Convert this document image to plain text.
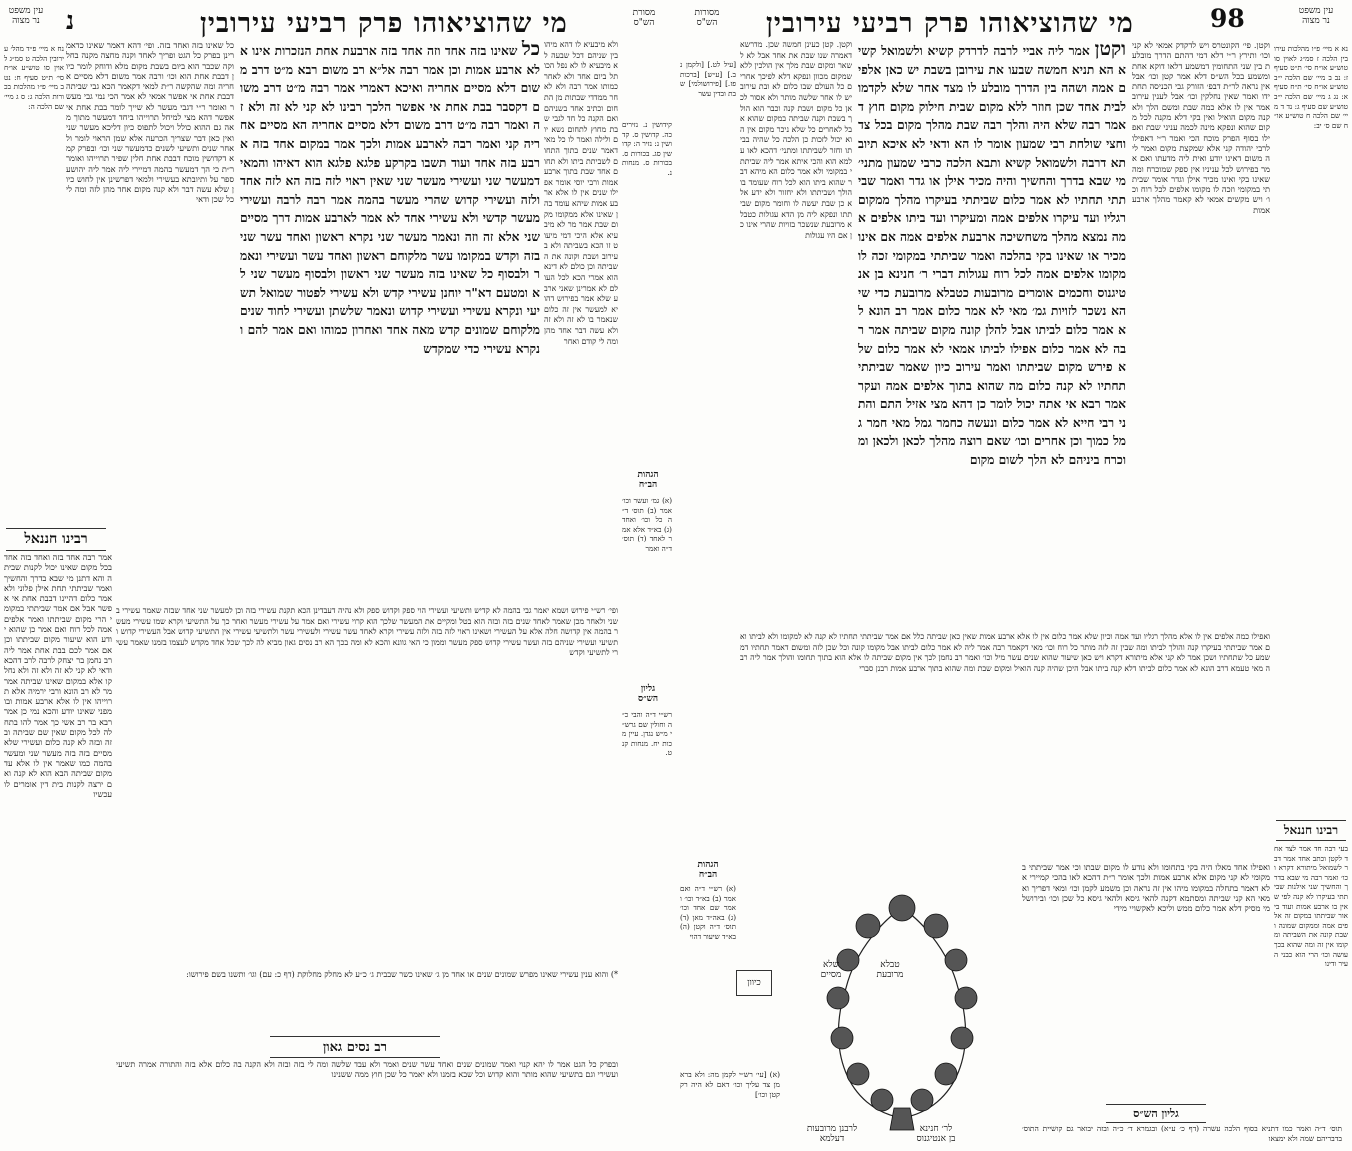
עין משפט
נר מצוה	נ	מי שהוציאוהו פרק רביעי עירובין	מסורת
הש"ס
נח א מיי׳ פ״ד מהל׳ עירובין הלכה ט סמ״ג לאוין סו טוש״ע או״ח סי׳ ת״ט סעיף ח: נט ב מיי׳ פ״ו מהלכות בכורות הלכה ג: ס ג מיי׳ שם הלכה ה:
כל שאינו בזה ואחד בזה. ופי׳ דהא דאמר שאינו כדאמרינן בפרק כל הגט ופריך לאחד וקנה מחצה מקנה בחלוקה שכבר הוא ביום בשבת מקום מלא ודוחק לומר כיון דבבת אחת הוא וכו׳ ורבה אמר משום דלא מסיים אחריה ומה שהקשה ר״ת למאי דקאמר הכא גבי שביתה דבבת אחת אי אפשר אמאי לא אמר הכי נמי גבי מעשר ואומר ר״י דגבי מעשר לא שייך לומר בבת אחת אי אפשר דהא מצי למיחל תרוייהו ביחד דמעשר מתוך מאה גם ההוא כולל ויכול לתפוס כיון דליכא מעשר שני ואין כאן דבר שצריך הכרעה אלא שמן הראוי לומר ולאחר שנים ותשיעי לשנים כדמעשר שני וכו׳ ובפרק קמא דקדושין מוכח דבבת אחת חלין שפיר תרוייהו ואומר ר״ת כי הך דמעשר בהמה דמיירי ליה אמר ליה יהושע ספר על ותיובתא בעשירי ולמאי דפרשינן אין לחוש כיון שלא עשה דבר ולא קנה מקום אחד מהן לזה ומה לי כל שכן ודאי
רבינו חננאל
אמר רבה אחד בזה ואחד בזה אחד בכל מקום שאינו יכול לקנות שביתה והא דתנן מי שבא בדרך והחשיך ואמר שביתתי תחת אילן פלוני ולא אמר כלום דהיינו דבבת אחת אי אפשר אבל אם אמר שביתתי במקומי הרי מקום שביתתו ואמר אלפים אמה לכל רוח ואם אמר כן שהוא יודע הוא שיעור מקום שביתתו וכן אם אמר לכם בבת אחת אמר ליה רב נחמן בר יצחק לרבה לרב דהכא ודאי לא קני לא זה ולא זה ולא נחלקו אלא במקום שאינו שביתה אמר מר לא רב הונא ורבי ירמיה אלא תרוייהו אין לו אלא ארבע אמות ובו מפני שאינו יודע והכא נמי כן אמר רבא בר רב אשי כך אמר להו בתחלה לכל מקום שאין שם שביתה ובזה ובזה לא קנה כלום ועשירי שלא מסיים בזה בזה מעשר שני ומעשר בהמה כמו שאמר אין לו אלא עד מקום שביתה הבא הוא לא קנה ואם ירצה לקנות בית דין אומרים לו עכשיו
כל שאינו בזה אחד וזה אחד בזה ארבעת אחת הנזכרות אינו אלא ארבע אמות וכן אמר רבה אל״א רב משום רבא מ״ט דרב משום דלא מסיים אחריה ואיכא דאמרי אמר רבה מ״ט דרב משום דקסבר בבת אחת אי אפשר הלכך רבינו לא קני לא זה ולא זה ואמר רבה מ״ט דרב משום דלא מסיים אחריה הא מסיים אחריה קני ואמר רבה לארבע אמות ולכך אמר במקום אחד בזה ארבע בזה אחד ועוד תשבו בקרקע פלגא פלגא הוא דאיהו והמאי דמעשר שני ועשירי מעשר שני שאין ראוי לזה בזה הא לזה אחד ולזה ועשירי קדוש שהרי מעשר בהמה אמר רבה לרבה ועשירי מעשר קדשי ולא עשירי אחד לא אמר לארבע אמות דרך מסיים שני אלא זה וזה ונאמר מעשר שני נקרא ראשון ואחד עשר שני בזה וקדש במקומו עשר מלקוחם ראשון ואחד עשר ועשירי ונאמר ולבסוף כל שאינו בזה מעשר שני ראשון ולבסוף מעשר שני לא ומטעם דא"ר יוחנן עשירי קדש ולא עשירי לפטור שמואל תשיעי ונקרא עשירי ועשירי קדוש ונאמר שלשתן ועשירי לחוד שנים מלקוחם שמונים קדש מאה אחד ואחרון כמוהו ואם אמר להם ונקרא עשירי כדי שמקדש
ולא מיבעיא לו דהא מיהו בין שניהם דכל שבעה לא מיבעיא לו לא נפל הכותל ביום אחד ולא לאחר כמותו אמר רבה ולא לאחר ממדדי שבתות מן התחום וכתיב אחד בשניהם ואם הקנה כל חד לגבי שבת מחוץ לתחום נשא יום ולילה ואמר לו כל מאי דאמר שנים בתוך התחום לשביתת ביתו ולא תחום אחד שבת בתוך ארבע אמות ורבי יוסי אומר אפילו שנים אין לו אלא ארבע אמות שיהא עומד בהן שאינו אלא ממקומו מקום שבת אמר מר לא מיבעיא אלא היכי דמי מיעוט זו הכא בשביתה ולא בעירוב ושבת וקונה את השביתה וכן כולם לא דינא הוא אמרי הכא לכל העולם לא אמרינן שאני ארבע שלא אמר בפירוש דהויא למעשר אין זה כלום שנאמר בו לא זה ולא זה ולא עשה דבר אחד מהן ומה לי קודם ואחר
קידושין נ. נזירים כה. קדושין ס. קדושין נ: נזיר ה: קדושין סג. בכורות ס. בכורות ס. מנחות נ.
הגהות
הב״ח
(א) גמ׳ ועשר וכו׳ אמר (ב) תוס׳ ד״ה כל וכו׳ ואחד (ג) בא״ד אלא אמר לאחד (ד) תוס׳ ד״ה ואמר
גליון
הש״ס
רש״י ד״ה והבי כ״ה וחולין שם גרש״י מ״ש נגדן. עיין מכות יח. מנחות קנט.
ופי׳ רש״י פירוש ושמא יאמר גבי בהמה לא קדיש ותשיעי ועשירי הוי ספק וקדוש ספק ולא נהיה דעבדינן הכא תקנת עשירי בזה וכן למעשר שני אחד שבזה שאמר עשירי בשני ולאחר מכן שאמר לאחד שנים בזה ובזה הוא בטל ומקיים את המעשר שלכך הוא קרוי עשירי ואם אמר על עשירי מעשר ואחר כך על התשיעי וקרא שמו עשירי מעשר בהמה אין קדושה חלה אלא על העשירי ושאינו ראוי לזה בזה ולזה עשירי וקרא לאחד עשר עשירי ולעשירי עשר ולתשיעי עשירי אין התשיעי קדוש אבל העשירי קדוש ותשיעי ועשירי שניהם בזה ועשר עשירי קדוש ספק מעשר וממון כי האי גוונא והכא לא ומה בכך הא רב נסים גאון מביא לה לכך שכל אחד מקדש לעצמו בזמנו שאמר עשירי לתשיעי וקדש
*) והוא ענין עשירי שאינו מפרש שמונים שנים או אחד מן ג׳ שאינו כשר שבבית ג׳ כ״ע לא מחלק מחלוקת (דף כ: עם) וגו׳ ותשנו בשם פירושו:
רב נסים גאון
ובפרק כל הגט אמר לו יהא קנוי ואמר שמונים שנים ואחד עשר שנים ואמר ולא עבד שלשה ומה לי בזה ובזה ולא הקנה בה כלום אלא בזה והתורה אמרה תשיעי ועשירי וגם בתשיעי שהוא מותר והוא קדוש וכל שבא בזמנו ולא יאמר כל שכן חוץ ממה ששנינו
מסורות
הש"ס	מי שהוציאוהו פרק רביעי עירובין	98	עין משפט
נר מצוה
[עיל לט.] [ולקמן נב.] [ע״ש] [ברכות פז.] [פירושולמי] שבת ובדין עשר
וקטן. קטן כעינן חמשה שכן. מדרשא דאמרה שנו שבת את אחד אבל לא לשאר ומקום שבת מלך אין הולכין ללא שמקום מכוון ונפקא דלא לפיכך אחרים כל העולם שבו כלום לא ובת עירוב יש לו אחר שלשה מותר ולא אסור לכאן כל מקום ושבת קנה וכבר הוא הולך בשבת וקנה שביתה במקום שהוא אבל לאחרים כל שלא ניכר מקום אין הוא יכול לזכות כן הלכה כל שהיה בביתו וחזר לשביתתו ומתני׳ דהכא לאו עלמא הוא והכי איתא אמר ליה שביתתי במקומי ולא אמר כלום הא מיהא דבר שהוא ביתו הוא לכל רוח שעומד בו הולך ושביתתו ולא יחזור ולא ידע אלא כן שבת יעשה לו וחומר מקום שביתתו ונפקא ליה מן הדא עגולות כטבלא מרובעת שנשכר בזויות שהרי אינו כן אם היו עגולות
וקטן אמר ליה אביי לרבה לדרדק קשיא ולשמואל קשיא הא תניא חמשה שבעו את עירובן בשבת יש כאן אלפים אמה ושהה בין הדרך מובלע לו מצד אחר שלא לקדמו לבית אחד שכן חוזר ללא מקום שבית חילוק מקום חוץ דאמר רבה שלא היה והלך רבה שבת מהלך מקום בכל צד וחצי שולחת רבי שמעון אומר לו הא ודאי לא איכא תיובתא דרבה ולשמואל קשיא ותבא הלכה כרבי שמעון מתני׳ מי שבא בדרך והחשיך והיה מכיר אילן או גדר ואמר שביתתי תחתיו לא אמר כלום שביתתי בעיקרו מהלך ממקום רגליו ועד עיקרו אלפים אמה ומעיקרו ועד ביתו אלפים אמה נמצא מהלך משחשיכה ארבעת אלפים אמה אם אינו מכיר או שאינו בקי בהלכה ואמר שביתתי במקומי זכה לו מקומו אלפים אמה לכל רוח עגולות דברי ר׳ חנינא בן אנטיגנוס וחכמים אומרים מרובעות כטבלא מרובעת כדי שיהא נשכר לזויות גמ׳ מאי לא אמר כלום אמר רב הונא לא אמר כלום לביתו אבל להלן קונה מקום שביתה אמר רבה לא אמר כלום אפילו לביתו אמאי לא אמר כלום שלא פירש מקום שביתתו ואמר עירוב כיון שאמר שביתתי תחתיו לא קנה כלום מה שהוא בתוך אלפים אמה ועקר אמר רבא אי אתה יכול לומר כן דהא מצי אזיל התם והתני רבי חייא לא אמר כלום ונעשה כחמר גמל מאי חמר גמל כמוך וכן אחרים וכו׳ שאם רוצה מהלך לכאן ולכאן ומוכרח ביניהם לא הלך לשום מקום
וקטן. פי׳ הקונטרס ויש לדקדק אמאי לא קני וכו׳ ותירץ ר״י דלא דמי דהתם הדרך מובלעת בין שני התחומין דמשמע דלאו דוקא אחת ומשמע בכל הש״ס דלא אמר קטן וכו׳ אבל אין נראה לר״ת דבפ׳ הזורק גבי הכניסה תחת ידו ואמר שאין נחלקין וכו׳ אבל לענין עירוב אמר אין לו אלא כמה שבת ומשם הלך ולא קנה מקום הואיל ואין בקי דלא מקנה לכל מקום שהוא ונפקא מינה לכמה עניני שבת ואפילו בסוף הפרק מוכח הכי ואמר ר״י דאפילו לרבי יהודה קני אלא שמקצת מקום ואמר ליה משום דאינו יודע ואית ליה מדעתו ואם אמר בפירוש לכל עניניו אין ספק שמוכרח ומה שאינו בקי ואינו מכיר אילן וגדר אומר שביתתי במקומי וזכה לו מקומו אלפים לכל רוח וכו׳ ויש מקשים אמאי לא קאמר מהלך ארבע אמות
נא א מיי׳ פ״ו מהלכות עירובין הלכה ז סמ״ג לאוין סו טוש״ע או״ח סי׳ ת״ט סעיף ז: נב ב מיי׳ שם הלכה י״ב טוש״ע או״ח סי׳ ת״ח סעיף א: נג ג מיי׳ שם הלכה י״ב טוש״ע שם סעיף ג: נד ד מיי׳ שם הלכה ח טוש״ע או״ח שם ס׳ יב:
רבינו חננאל
בעי רבה חד אמר לצד אחד לקטן וכתב אחד אמר דבר לשמואל מיתורא דקרא וכו׳ ואמר רבה מי שבא בדרך והחשיך שני אילנות שביתתי בעיקרו לא קנה לפי שאין בו ארבע אמות ועוד ביאור שביתתו במקום זה אלפים אמה וממקום שמונה ושבת קונה את השביתה ומקומו אין זה ומה שהוא בכך עושה וכו׳ הרי הוא כבני העיר ודינו
הגהות
הב״ח
(א) רש״י ד״ה ואם אמר (ב) בא״ד וכו׳ ואמר שם אחד וכו׳ (ג) באה״ד מאן (ד) תוס׳ ד״ה וקטן (ה) בא״ד שיעור דהוי
ואפילו כמה אלפים אין לו אלא מהלך רגליו ועד אמה וכיון שלא אמר כלום אין לו אלא ארבע אמות שאין כאן שביתה כלל אם אמר שביתתי תחתיו לא קנה לא למקומו ולא לביתו ואם אמר שביתתי בעיקרו קנה והולך לביתו ומה שבין זה לזה מותר כל רוח וכו׳ מאי דקאמר רבה אמר ליה לא אמר כלום לביתו אבל מקומו קונה וכל שכן לזה ומשום דאמר תחתיו דמשמע כל שתחתיו ושכן אמר לא קני אלא מיתורא דקרא ויש כאן שיעור שהוא שנים עשר מיל וכו׳ ואמר רב נחמן לכך אין מקום שביתה לו אלא הוא בתוך תחומו והולך אמר ליה רבה מאי טעמא דרב הונא לא אמר כלום לביתו דלא קנה ביתו אבל היכן שהיה קנה הואיל ומקום שבת ומה שהוא בתוך ארבע אמות רבנן סברי
ואפילו אחד מאלו היה בקי בתחומו ולא נודע לו מקום שבתו וכי אמר שביתתי במקומי לא קני מקום אלא ארבע אמות ולכך אומר ר״ת דהכא לאו בהכי קמיירי אלא דאמר בתחלה במקומו מיהו אין זה נראה וכן משמע לקמן וכו׳ ומאי דפריך ואמאי הא קני שביתה ומסתמא דקנה להאי גיסא ולהאי גיסא כל שכן וכו׳ ובירושלמי מסיק דלא אמר כלום ממש וליכא לאקשויי מידי
כיוון
טבלא
מרובעת
שלא
מסיים
לרבנן מרובעות
דעלמא
לר׳ חנינא
בן אנטיגנוס
גליון הש״ס
תוס׳ ד״ה ואמר כמו דתניא בסוף הלכה עשרה (דף כ׳ ע״א) ובגמרא ד׳ כ״ה ובזה יבואר גם קושיית התוס׳ בדבריהם שמה ולא ימצאו
(א) [עי׳ רש״י לקמן מה: ולא ברא מן צד עליך וכו׳ דאם לא היה רק קטן וכו׳]
